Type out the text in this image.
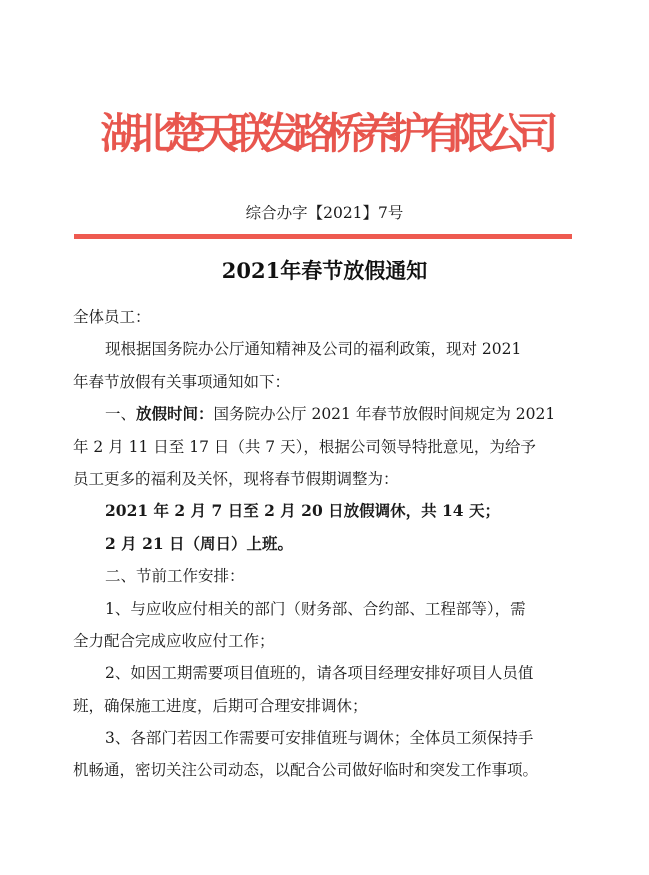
湖北楚天联发路桥养护有限公司
综合办字【2021】7号
2021年春节放假通知
全体员工：
现根据国务院办公厅通知精神及公司的福利政策，现对 2021
年春节放假有关事项通知如下：
一、放假时间：国务院办公厅 2021 年春节放假时间规定为 2021
年 2 月 11 日至 17 日（共 7 天），根据公司领导特批意见，为给予
员工更多的福利及关怀，现将春节假期调整为：
2021 年 2 月 7 日至 2 月 20 日放假调休，共 14 天；
2 月 21 日（周日）上班。
二、节前工作安排：
1、与应收应付相关的部门（财务部、合约部、工程部等），需
全力配合完成应收应付工作；
2、如因工期需要项目值班的，请各项目经理安排好项目人员值
班，确保施工进度，后期可合理安排调休；
3、各部门若因工作需要可安排值班与调休；全体员工须保持手
机畅通，密切关注公司动态，以配合公司做好临时和突发工作事项。
